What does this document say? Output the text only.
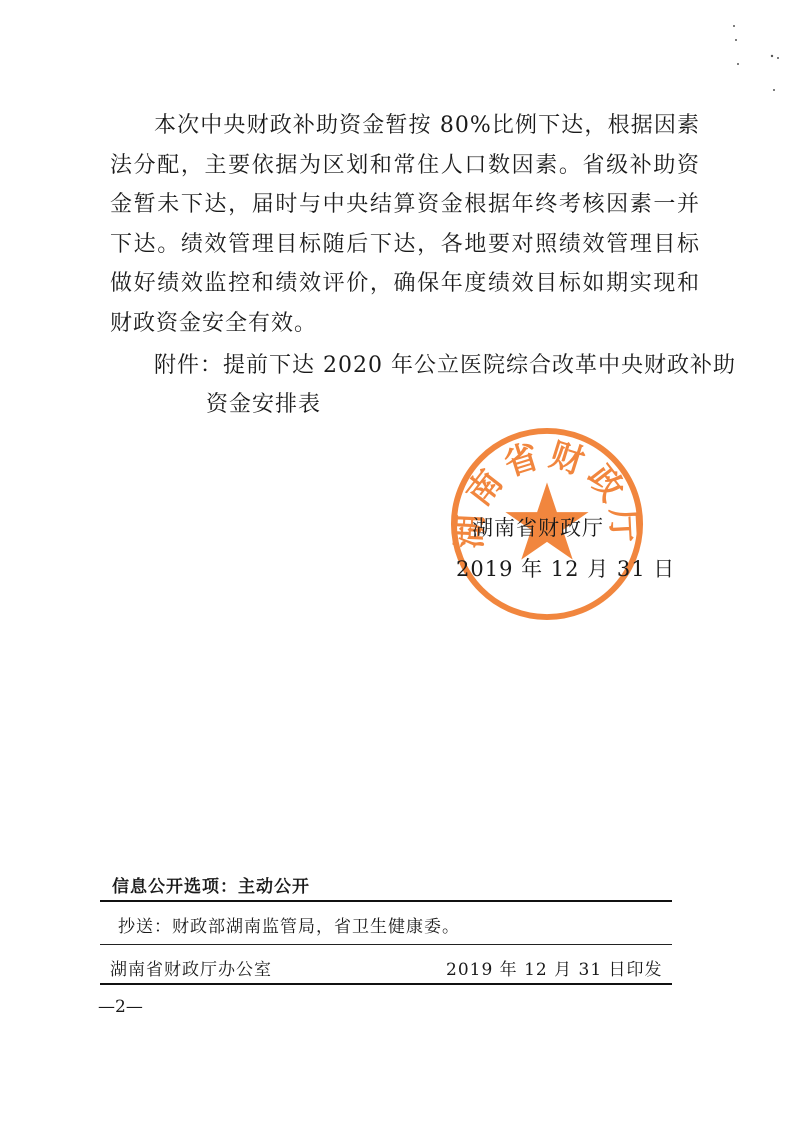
本次中央财政补助资金暂按 80%比例下达，根据因素法分配，主要依据为区划和常住人口数因素。省级补助资金暂未下达，届时与中央结算资金根据年终考核因素一并下达。绩效管理目标随后下达，各地要对照绩效管理目标做好绩效监控和绩效评价，确保年度绩效目标如期实现和财政资金安全有效。

附件：提前下达 2020 年公立医院综合改革中央财政补助资金安排表
湖南省财政厅
湖南省财政厅
2019 年 12 月 31 日
信息公开选项：主动公开
抄送：财政部湖南监管局，省卫生健康委。
湖南省财政厅办公室	2019 年 12 月 31 日印发
—2—
